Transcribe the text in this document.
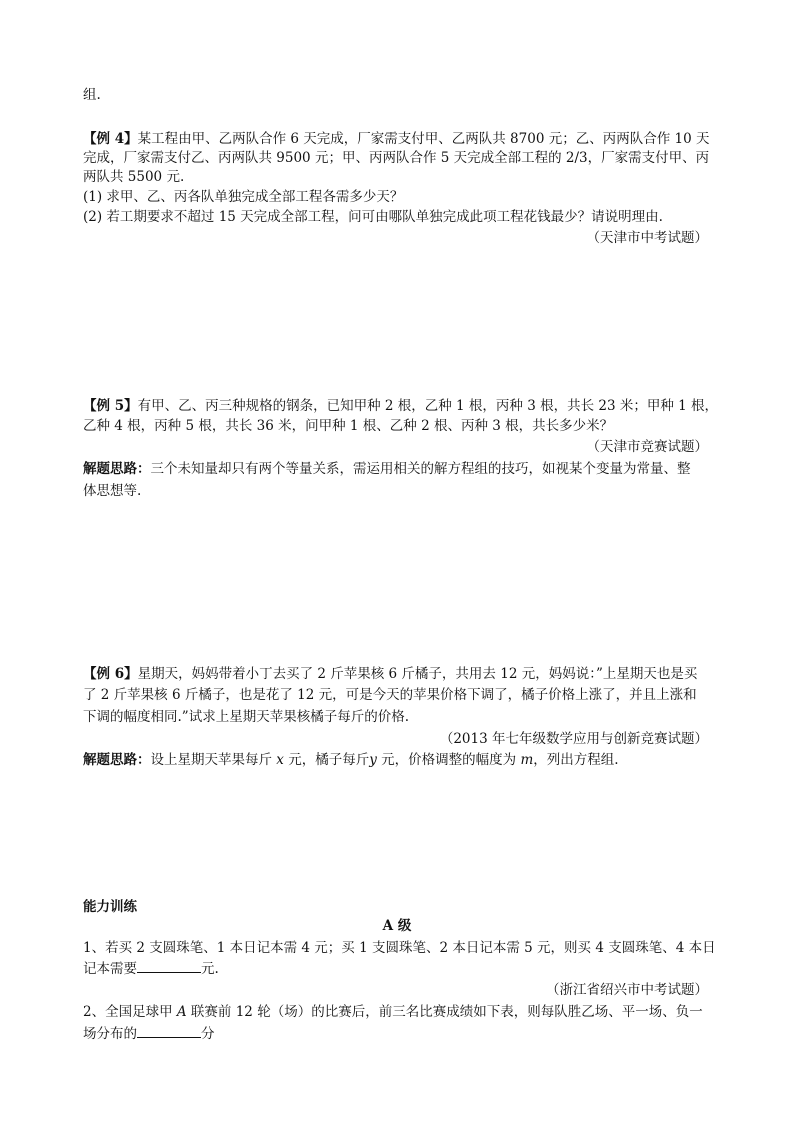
组.
【例 4】某工程由甲、乙两队合作 6 天完成，厂家需支付甲、乙两队共 8700 元；乙、丙两队合作 10 天
完成，厂家需支付乙、丙两队共 9500 元；甲、丙两队合作 5 天完成全部工程的 2/3，厂家需支付甲、丙
两队共 5500 元.
(1) 求甲、乙、丙各队单独完成全部工程各需多少天？
(2) 若工期要求不超过 15 天完成全部工程，问可由哪队单独完成此项工程花钱最少？请说明理由.
（天津市中考试题）
【例 5】有甲、乙、丙三种规格的钢条，已知甲种 2 根，乙种 1 根，丙种 3 根，共长 23 米；甲种 1 根，
乙种 4 根，丙种 5 根，共长 36 米，问甲种 1 根、乙种 2 根、丙种 3 根，共长多少米？
（天津市竞赛试题）
解题思路：三个未知量却只有两个等量关系，需运用相关的解方程组的技巧，如视某个变量为常量、整
体思想等.
【例 6】星期天，妈妈带着小丁去买了 2 斤苹果核 6 斤橘子，共用去 12 元，妈妈说：”上星期天也是买
了 2 斤苹果核 6 斤橘子，也是花了 12 元，可是今天的苹果价格下调了，橘子价格上涨了，并且上涨和
下调的幅度相同.”试求上星期天苹果核橘子每斤的价格.
（2013 年七年级数学应用与创新竞赛试题）
解题思路：设上星期天苹果每斤 x 元，橘子每斤y 元，价格调整的幅度为 m，列出方程组.
能力训练
A 级
1、若买 2 支圆珠笔、1 本日记本需 4 元；买 1 支圆珠笔、2 本日记本需 5 元，则买 4 支圆珠笔、4 本日
记本需要	元.
（浙江省绍兴市中考试题）
2、全国足球甲 A 联赛前 12 轮（场）的比赛后，前三名比赛成绩如下表，则每队胜乙场、平一场、负一
场分布的	分
